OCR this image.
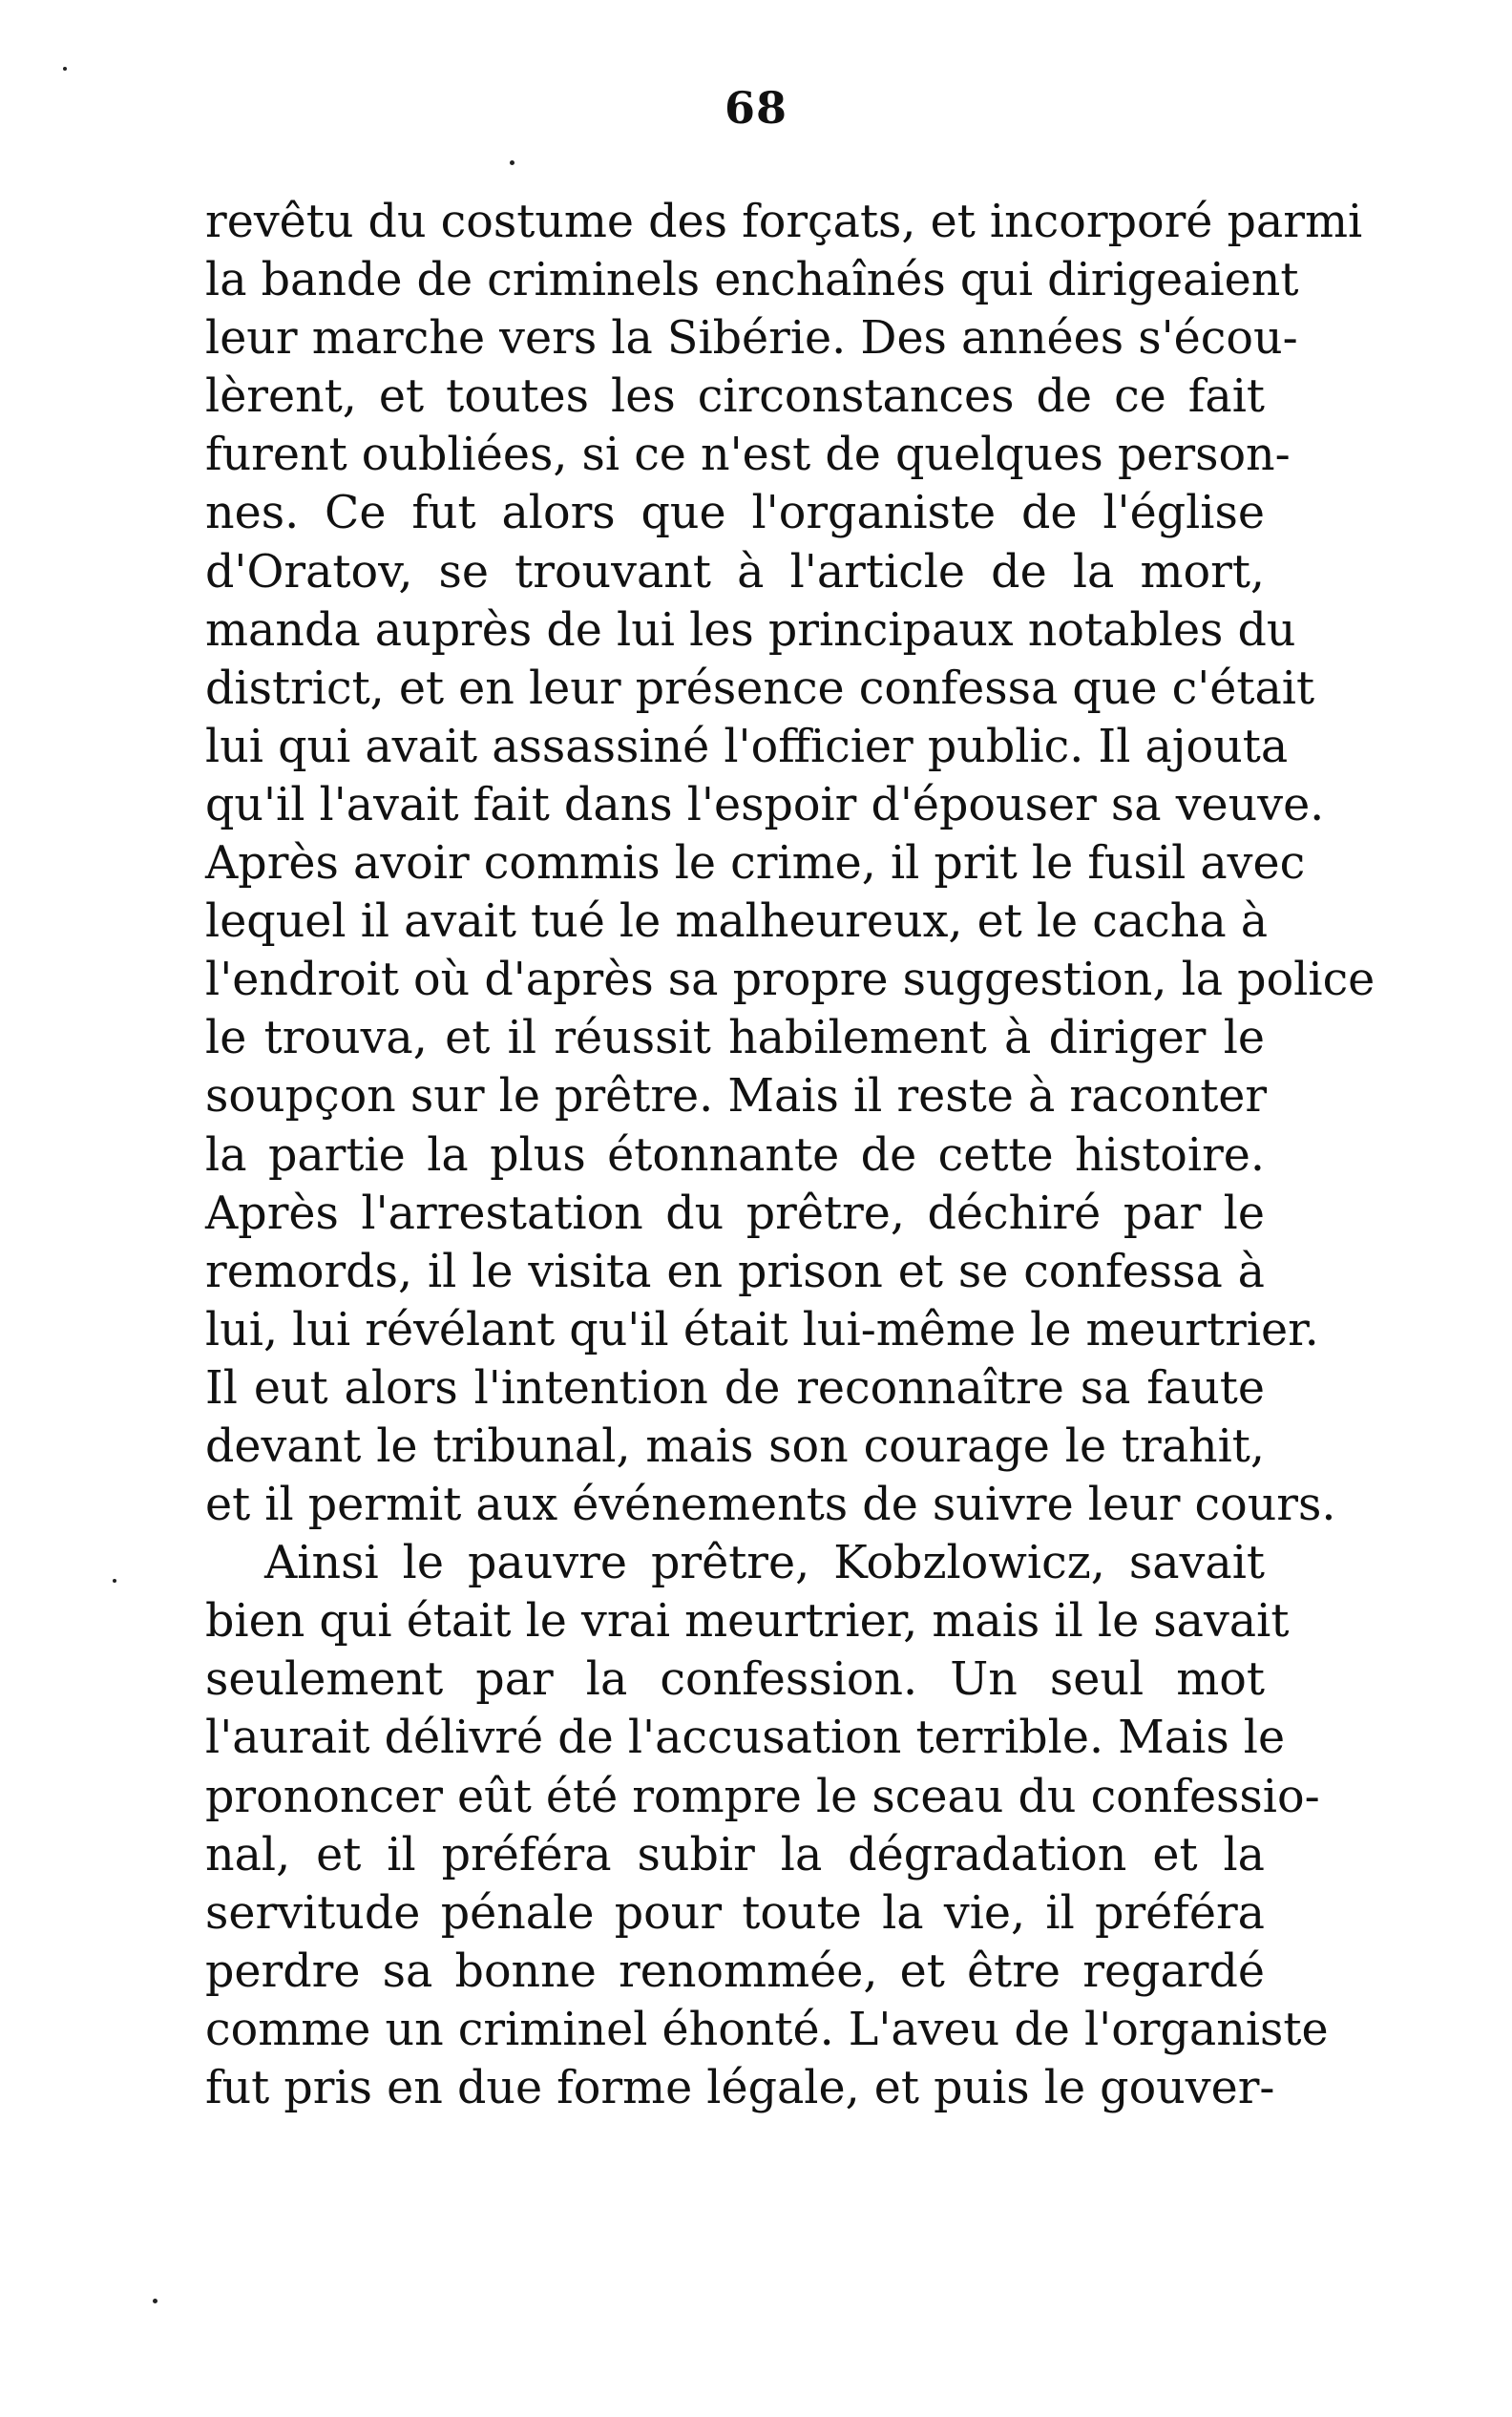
68
revêtu du costume des forçats, et incorporé parmi
la bande de criminels enchaînés qui dirigeaient
leur marche vers la Sibérie. Des années s'écou-
lèrent, et toutes les circonstances de ce fait
furent oubliées, si ce n'est de quelques person-
nes. Ce fut alors que l'organiste de l'église
d'Oratov, se trouvant à l'article de la mort,
manda auprès de lui les principaux notables du
district, et en leur présence confessa que c'était
lui qui avait assassiné l'officier public. Il ajouta
qu'il l'avait fait dans l'espoir d'épouser sa veuve.
Après avoir commis le crime, il prit le fusil avec
lequel il avait tué le malheureux, et le cacha à
l'endroit où d'après sa propre suggestion, la police
le trouva, et il réussit habilement à diriger le
soupçon sur le prêtre. Mais il reste à raconter
la partie la plus étonnante de cette histoire.
Après l'arrestation du prêtre, déchiré par le
remords, il le visita en prison et se confessa à
lui, lui révélant qu'il était lui-même le meurtrier.
Il eut alors l'intention de reconnaître sa faute
devant le tribunal, mais son courage le trahit,
et il permit aux événements de suivre leur cours.
Ainsi le pauvre prêtre, Kobzlowicz, savait
bien qui était le vrai meurtrier, mais il le savait
seulement par la confession. Un seul mot
l'aurait délivré de l'accusation terrible. Mais le
prononcer eût été rompre le sceau du confessio-
nal, et il préféra subir la dégradation et la
servitude pénale pour toute la vie, il préféra
perdre sa bonne renommée, et être regardé
comme un criminel éhonté. L'aveu de l'organiste
fut pris en due forme légale, et puis le gouver-
